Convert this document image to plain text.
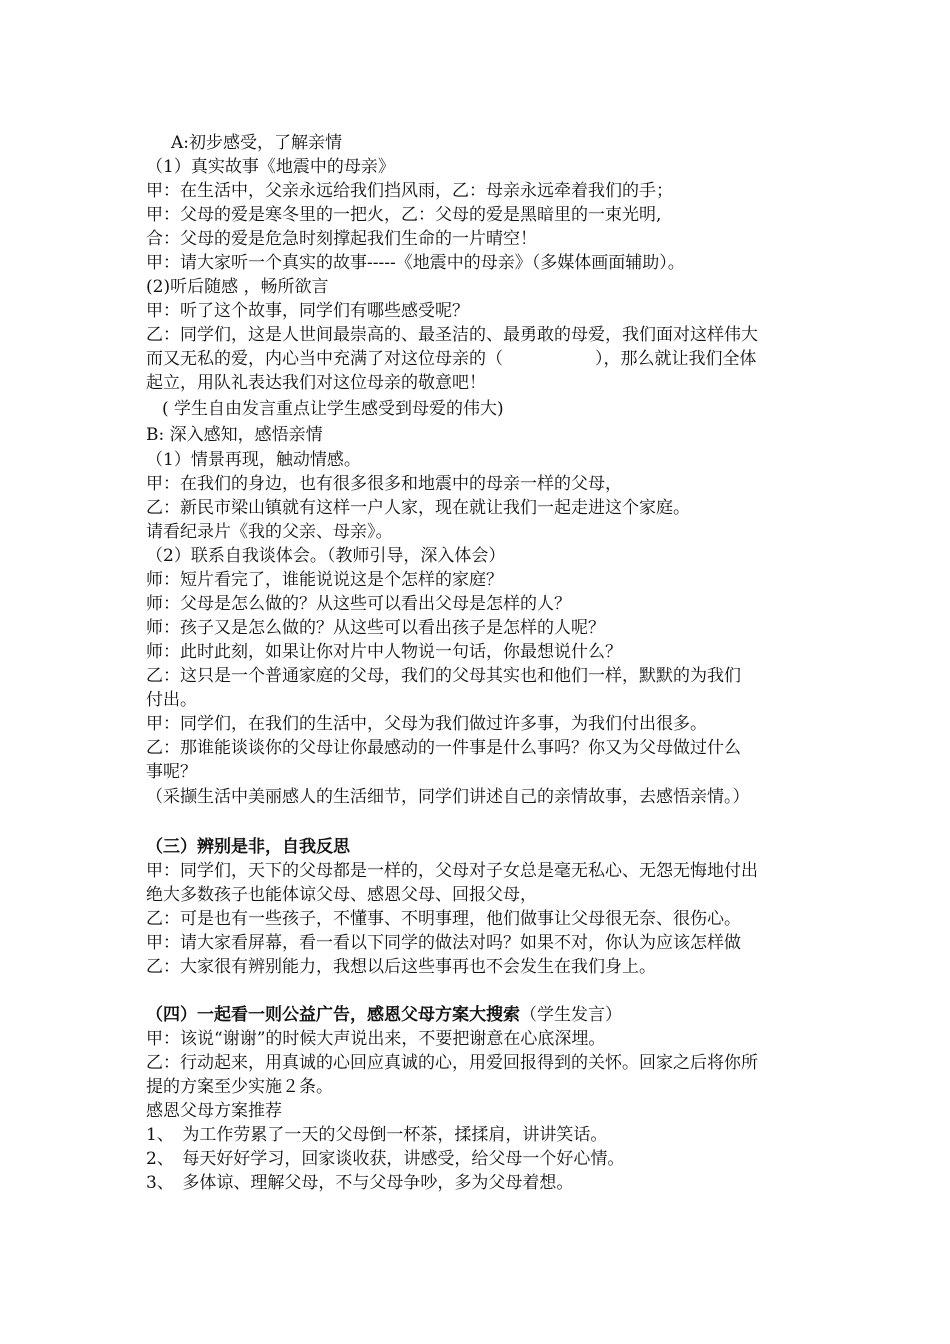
A:初步感受，了解亲情
（1）真实故事《地震中的母亲》
甲：在生活中，父亲永远给我们挡风雨，乙：母亲永远牵着我们的手；
甲：父母的爱是寒冬里的一把火，乙：父母的爱是黑暗里的一束光明,
合：父母的爱是危急时刻撑起我们生命的一片晴空！
甲：请大家听一个真实的故事-----《地震中的母亲》（多媒体画面辅助）。
(2)听后随感 ，畅所欲言
甲：听了这个故事，同学们有哪些感受呢？
乙：同学们，这是人世间最崇高的、最圣洁的、最勇敢的母爱，我们面对这样伟大
而又无私的爱，内心当中充满了对这位母亲的（	），那么就让我们全体
起立，用队礼表达我们对这位母亲的敬意吧！
( 学生自由发言重点让学生感受到母爱的伟大)
B: 深入感知，感悟亲情
（1）情景再现，触动情感。
甲：在我们的身边，也有很多很多和地震中的母亲一样的父母，
乙：新民市梁山镇就有这样一户人家，现在就让我们一起走进这个家庭。
请看纪录片《我的父亲、母亲》。
（2）联系自我谈体会。（教师引导，深入体会）
师：短片看完了，谁能说说这是个怎样的家庭？
师：父母是怎么做的？从这些可以看出父母是怎样的人？
师：孩子又是怎么做的？从这些可以看出孩子是怎样的人呢？
师：此时此刻，如果让你对片中人物说一句话，你最想说什么？
乙：这只是一个普通家庭的父母，我们的父母其实也和他们一样，默默的为我们
付出。
甲：同学们，在我们的生活中，父母为我们做过许多事，为我们付出很多。
乙：那谁能谈谈你的父母让你最感动的一件事是什么事吗？你又为父母做过什么
事呢？
（采撷生活中美丽感人的生活细节，同学们讲述自己的亲情故事，去感悟亲情。）
（三）辨别是非，自我反思
甲：同学们，天下的父母都是一样的，父母对子女总是毫无私心、无怨无悔地付出
绝大多数孩子也能体谅父母、感恩父母、回报父母，
乙：可是也有一些孩子，不懂事、不明事理，他们做事让父母很无奈、很伤心。
甲：请大家看屏幕，看一看以下同学的做法对吗？如果不对，你认为应该怎样做
乙：大家很有辨别能力，我想以后这些事再也不会发生在我们身上。
（四）一起看一则公益广告，感恩父母方案大搜索（学生发言）
甲：该说“谢谢”的时候大声说出来，不要把谢意在心底深埋。
乙：行动起来，用真诚的心回应真诚的心，用爱回报得到的关怀。回家之后将你所
提的方案至少实施２条。
感恩父母方案推荐
1、　为工作劳累了一天的父母倒一杯茶，揉揉肩，讲讲笑话。
2、　每天好好学习，回家谈收获，讲感受，给父母一个好心情。
3、　多体谅、理解父母，不与父母争吵，多为父母着想。
